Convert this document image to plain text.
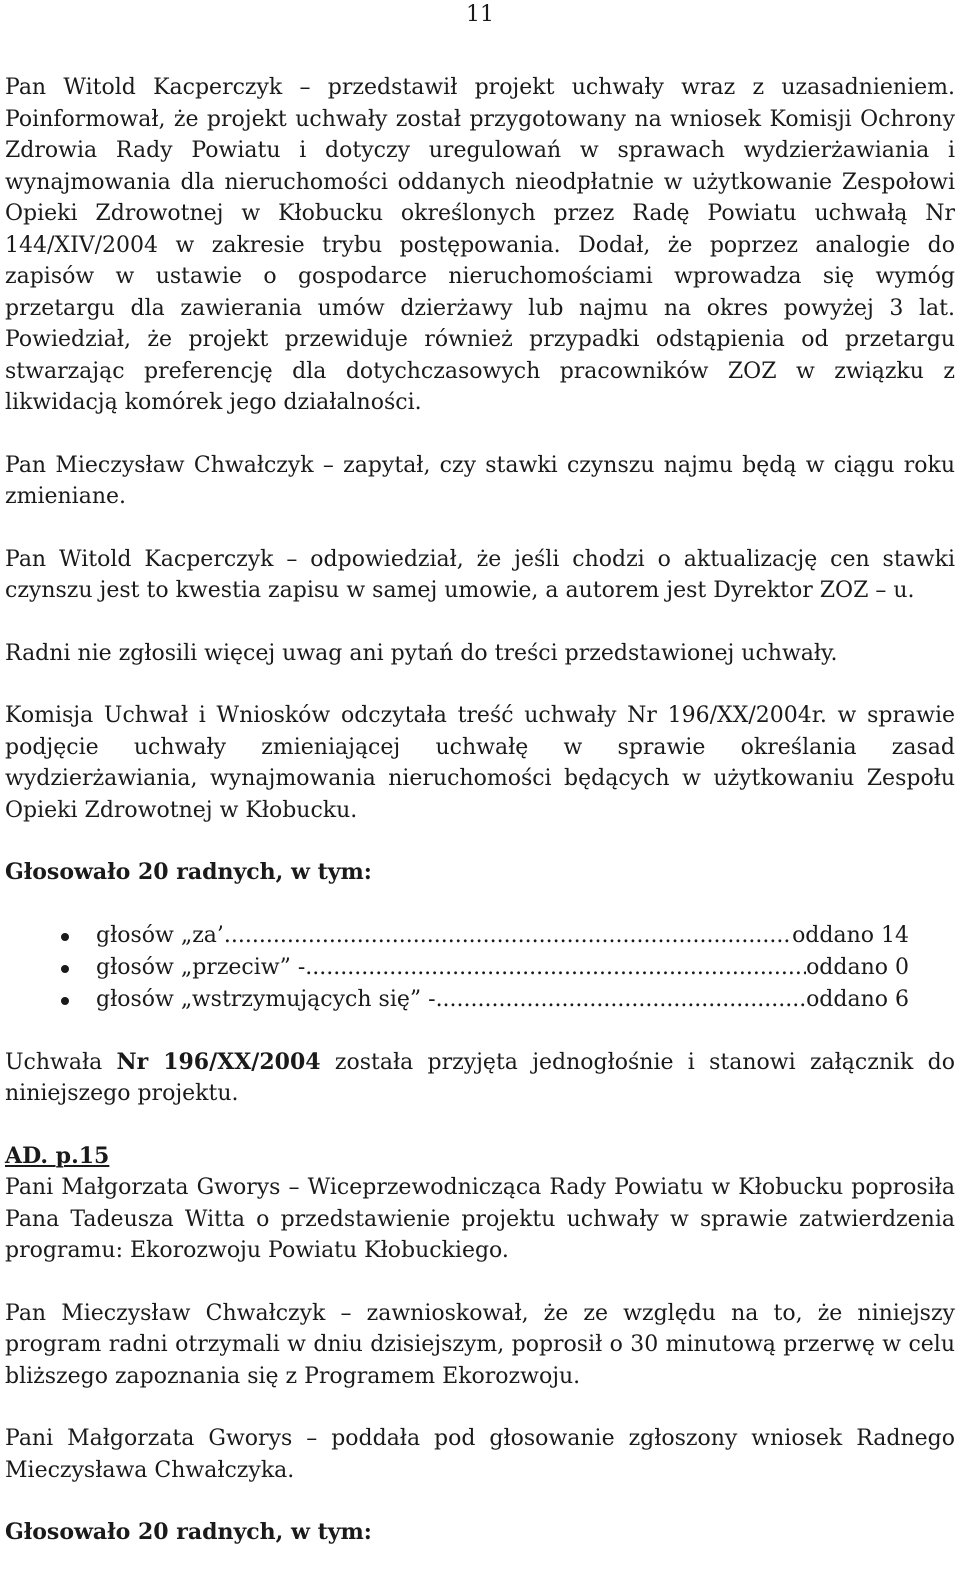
11

Pan Witold Kacperczyk – przedstawił projekt uchwały wraz z uzasadnieniem. Poinformował, że projekt uchwały został przygotowany na wniosek Komisji Ochrony Zdrowia Rady Powiatu i dotyczy uregulowań w sprawach wydzierżawiania i wynajmowania dla nieruchomości oddanych nieodpłatnie w użytkowanie Zespołowi Opieki Zdrowotnej w Kłobucku określonych przez Radę Powiatu uchwałą Nr 144/XIV/2004 w zakresie trybu postępowania. Dodał, że poprzez analogie do zapisów w ustawie o gospodarce nieruchomościami wprowadza się wymóg przetargu dla zawierania umów dzierżawy lub najmu na okres powyżej 3 lat. Powiedział, że projekt przewiduje również przypadki odstąpienia od przetargu stwarzając preferencję dla dotychczasowych pracowników ZOZ w związku z likwidacją komórek jego działalności.

Pan Mieczysław Chwałczyk – zapytał, czy stawki czynszu najmu będą w ciągu roku zmieniane.

Pan Witold Kacperczyk – odpowiedział, że jeśli chodzi o aktualizację cen stawki czynszu jest to kwestia zapisu w samej umowie, a autorem jest Dyrektor ZOZ – u.

Radni nie zgłosili więcej uwag ani pytań do treści przedstawionej uchwały.

Komisja Uchwał i Wniosków odczytała treść uchwały Nr 196/XX/2004r. w sprawie podjęcie uchwały zmieniającej uchwałę w sprawie określania zasad wydzierżawiania, wynajmowania nieruchomości będących w użytkowaniu Zespołu Opieki Zdrowotnej w Kłobucku.

Głosowało 20 radnych, w tym:

głosów „za’ .....	oddano 14
głosów „przeciw” - .....	oddano 0
głosów „wstrzymujących się” - .....	oddano 6

Uchwała Nr 196/XX/2004 została przyjęta jednogłośnie i stanowi załącznik do niniejszego projektu.

AD. p.15

Pani Małgorzata Gworys – Wiceprzewodnicząca Rady Powiatu w Kłobucku poprosiła Pana Tadeusza Witta o przedstawienie projektu uchwały w sprawie zatwierdzenia programu: Ekorozwoju Powiatu Kłobuckiego.

Pan Mieczysław Chwałczyk – zawnioskował, że ze względu na to, że niniejszy program radni otrzymali w dniu dzisiejszym, poprosił o 30 minutową przerwę w celu bliższego zapoznania się z Programem Ekorozwoju.

Pani Małgorzata Gworys – poddała pod głosowanie zgłoszony wniosek Radnego Mieczysława Chwałczyka.

Głosowało 20 radnych, w tym:
